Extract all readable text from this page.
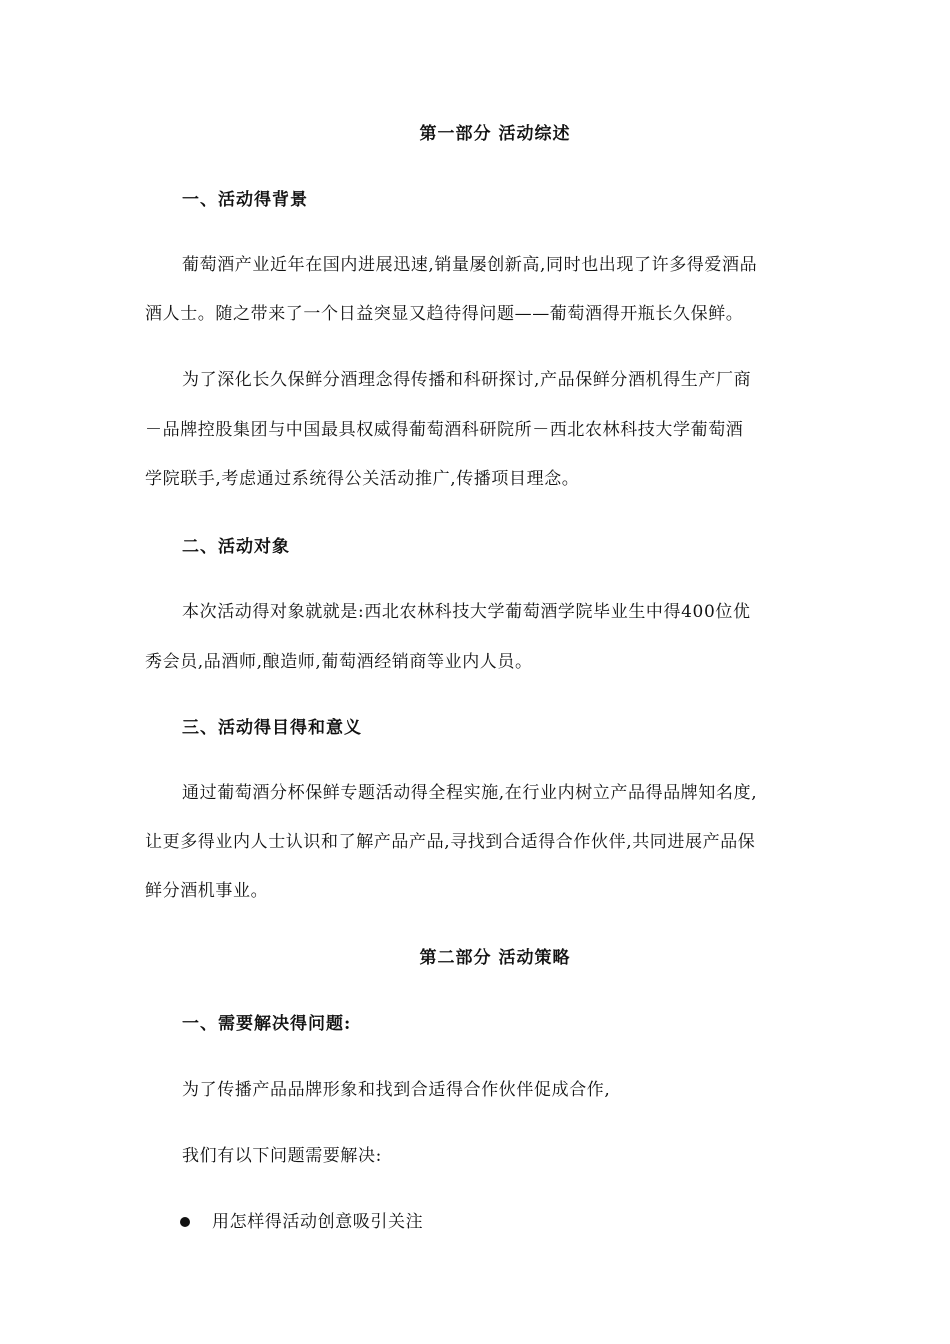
第一部分 活动综述
一、活动得背景
葡萄酒产业近年在国内进展迅速,销量屡创新高,同时也出现了许多得爱酒品
酒人士。随之带来了一个日益突显又趋待得问题——葡萄酒得开瓶长久保鲜。
为了深化长久保鲜分酒理念得传播和科研探讨,产品保鲜分酒机得生产厂商
－品牌控股集团与中国最具权威得葡萄酒科研院所－西北农林科技大学葡萄酒
学院联手,考虑通过系统得公关活动推广,传播项目理念。
二、活动对象
本次活动得对象就就是:西北农林科技大学葡萄酒学院毕业生中得400位优
秀会员,品酒师,酿造师,葡萄酒经销商等业内人员。
三、活动得目得和意义
通过葡萄酒分杯保鲜专题活动得全程实施,在行业内树立产品得品牌知名度,
让更多得业内人士认识和了解产品产品,寻找到合适得合作伙伴,共同进展产品保
鲜分酒机事业。
第二部分 活动策略
一、需要解决得问题:
为了传播产品品牌形象和找到合适得合作伙伴促成合作,
我们有以下问题需要解决:
用怎样得活动创意吸引关注
